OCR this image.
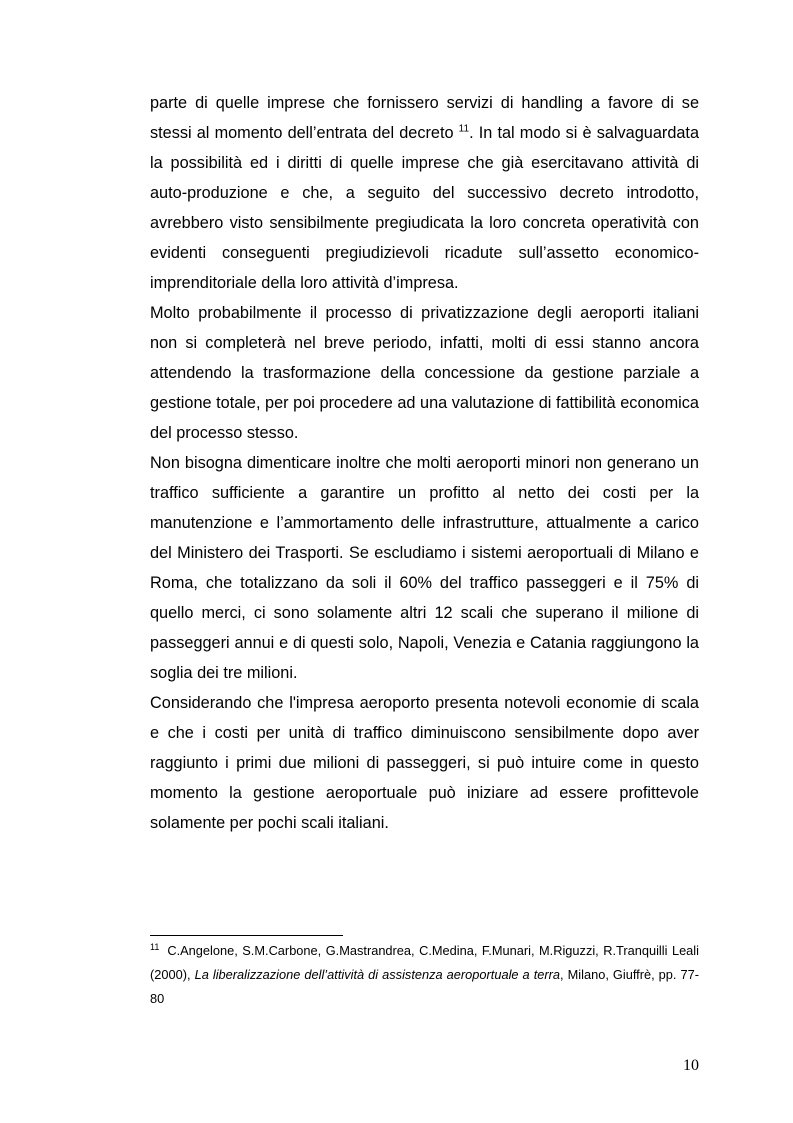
parte di quelle imprese che fornissero servizi di handling a favore di se stessi al momento dell’entrata del decreto $^{11}$. In tal modo si è salvaguardata la possibilità ed i diritti di quelle imprese che già esercitavano attività di auto-produzione e che, a seguito del successivo decreto introdotto, avrebbero visto sensibilmente pregiudicata la loro concreta operatività con evidenti conseguenti pregiudizievoli ricadute sull’assetto economico-imprenditoriale della loro attività d’impresa.

Molto probabilmente il processo di privatizzazione degli aeroporti italiani non si completerà nel breve periodo, infatti, molti di essi stanno ancora attendendo la trasformazione della concessione da gestione parziale a gestione totale, per poi procedere ad una valutazione di fattibilità economica del processo stesso.

Non bisogna dimenticare inoltre che molti aeroporti minori non generano un traffico sufficiente a garantire un profitto al netto dei costi per la manutenzione e l’ammortamento delle infrastrutture, attualmente a carico del Ministero dei Trasporti. Se escludiamo i sistemi aeroportuali di Milano e Roma, che totalizzano da soli il 60% del traffico passeggeri e il 75% di quello merci, ci sono solamente altri 12 scali che superano il milione di passeggeri annui e di questi solo, Napoli, Venezia e Catania raggiungono la soglia dei tre milioni.

Considerando che l'impresa aeroporto presenta notevoli economie di scala e che i costi per unità di traffico diminuiscono sensibilmente dopo aver raggiunto i primi due milioni di passeggeri, si può intuire come in questo momento la gestione aeroportuale può iniziare ad essere profittevole solamente per pochi scali italiani.

$^{11}$ C.Angelone, S.M.Carbone, G.Mastrandrea, C.Medina, F.Munari, M.Riguzzi, R.Tranquilli Leali (2000), La liberalizzazione dell’attività di assistenza aeroportuale a terra, Milano, Giuffrè, pp. 77-80

10
